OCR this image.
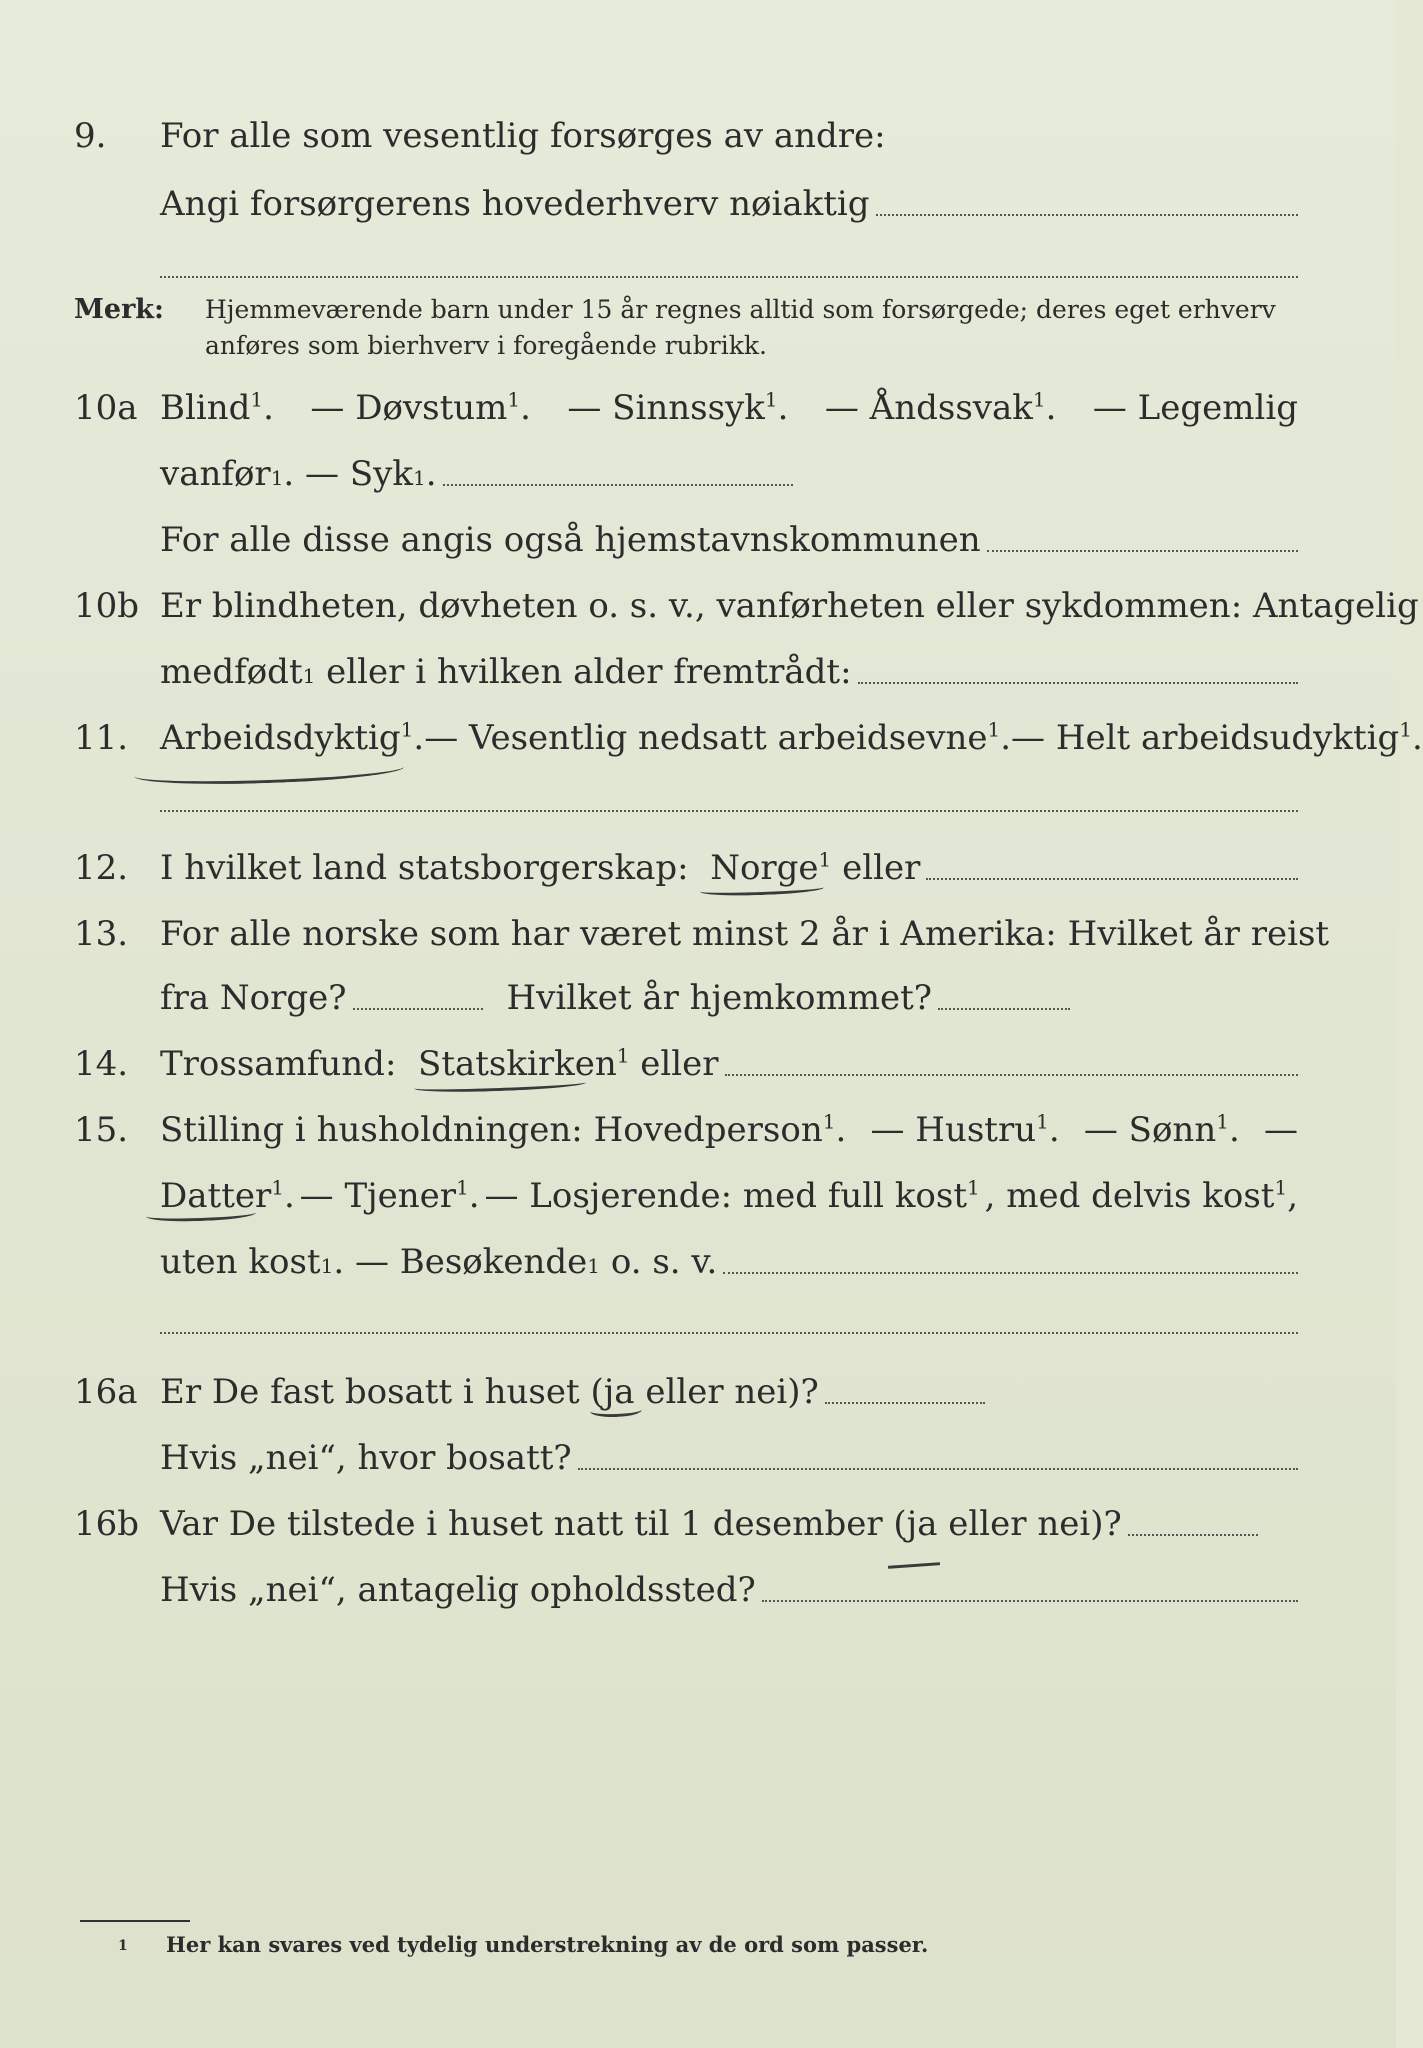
9.	For alle som vesentlig forsørges av andre:
Angi forsørgerens hovederhverv nøiaktig
Merk: Hjemmeværende barn under 15 år regnes alltid som forsørgede; deres eget erhverv
anføres som bierhverv i foregående rubrikk.
10a Blind$^1$. — Døvstum$^1$. — Sinnssyk$^1$. — Åndssvak$^1$. — Legemlig
vanfør 1 . — Syk 1 .
For alle disse angis også hjemstavnskommunen
10b Er blindheten, døvheten o. s. v., vanførheten eller sykdommen: Antagelig
medfødt 1
eller i hvilken alder fremtrådt:
11. Arbeidsdyktig$^1$. — Vesentlig nedsatt arbeidsevne$^1$. — Helt arbeidsudyktig$^1$.
12. I hvilket land statsborgerskap:
Norge$^1$
eller
13. For alle norske som har været minst 2 år i Amerika: Hvilket år reist
fra Norge?	Hvilket år hjemkommet?
14. Trossamfund:
Statskirken$^1$
eller
15. Stilling i husholdningen: Hovedperson$^1$. — Hustru$^1$. — Sønn$^1$. —
Datter$^1$. — Tjener$^1$. — Losjerende: med full kost$^1$ , med delvis kost$^1$,
uten kost 1 . — Besøkende 1
o. s. v.
16a Er De fast bosatt i huset (ja eller nei)?
Hvis „nei“, hvor bosatt?
16b Var De tilstede i huset natt til 1 desember (ja eller nei)?
Hvis „nei“, antagelig opholdssted?
1 Her kan svares ved tydelig understrekning av de ord som passer.
